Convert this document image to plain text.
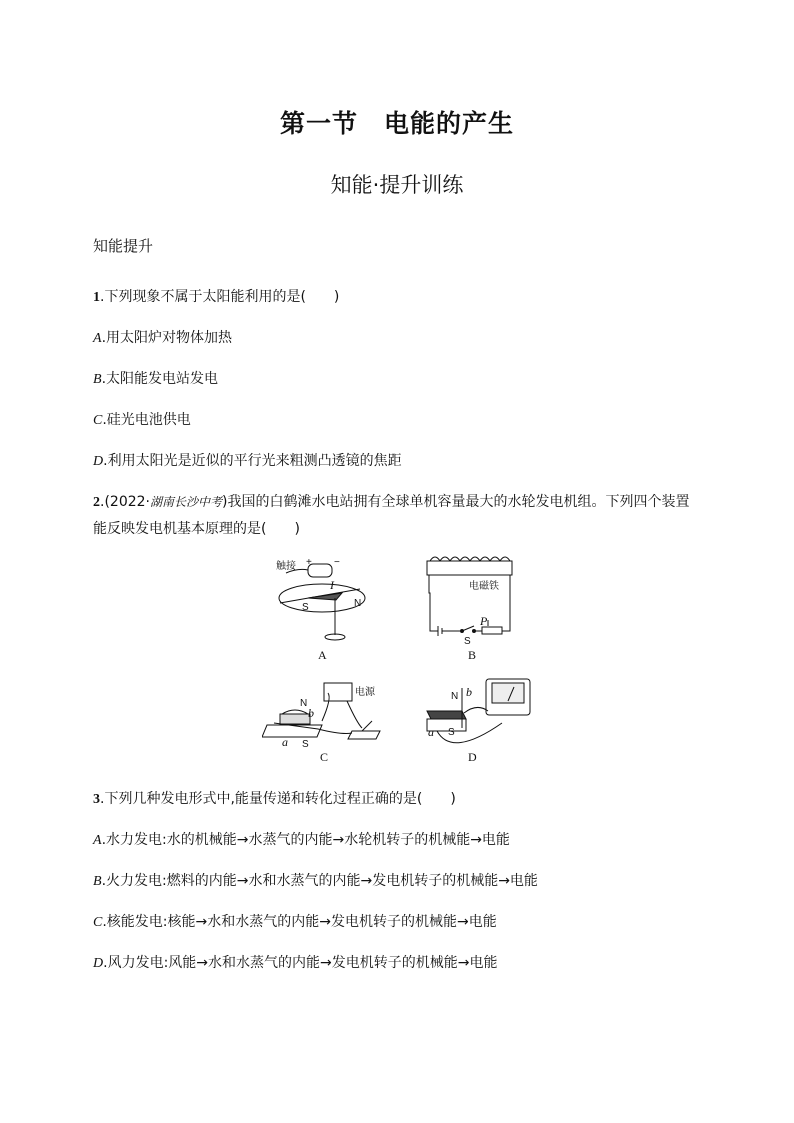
第一节　电能的产生
知能·提升训练
知能提升
1.下列现象不属于太阳能利用的是(　　)
A.用太阳炉对物体加热
B.太阳能发电站发电
C.硅光电池供电
D.利用太阳光是近似的平行光来粗测凸透镜的焦距
2.(2022·湖南长沙中考)我国的白鹤滩水电站拥有全球单机容量最大的水轮发电机组。下列四个装置
能反映发电机基本原理的是(　　)
触接 + −
I
S	N
A
电磁铁
P
S
B
电源
N
b
a S
C
N b
a S
D
3.下列几种发电形式中,能量传递和转化过程正确的是(　　)
A.水力发电:水的机械能→水蒸气的内能→水轮机转子的机械能→电能
B.火力发电:燃料的内能→水和水蒸气的内能→发电机转子的机械能→电能
C.核能发电:核能→水和水蒸气的内能→发电机转子的机械能→电能
D.风力发电:风能→水和水蒸气的内能→发电机转子的机械能→电能
